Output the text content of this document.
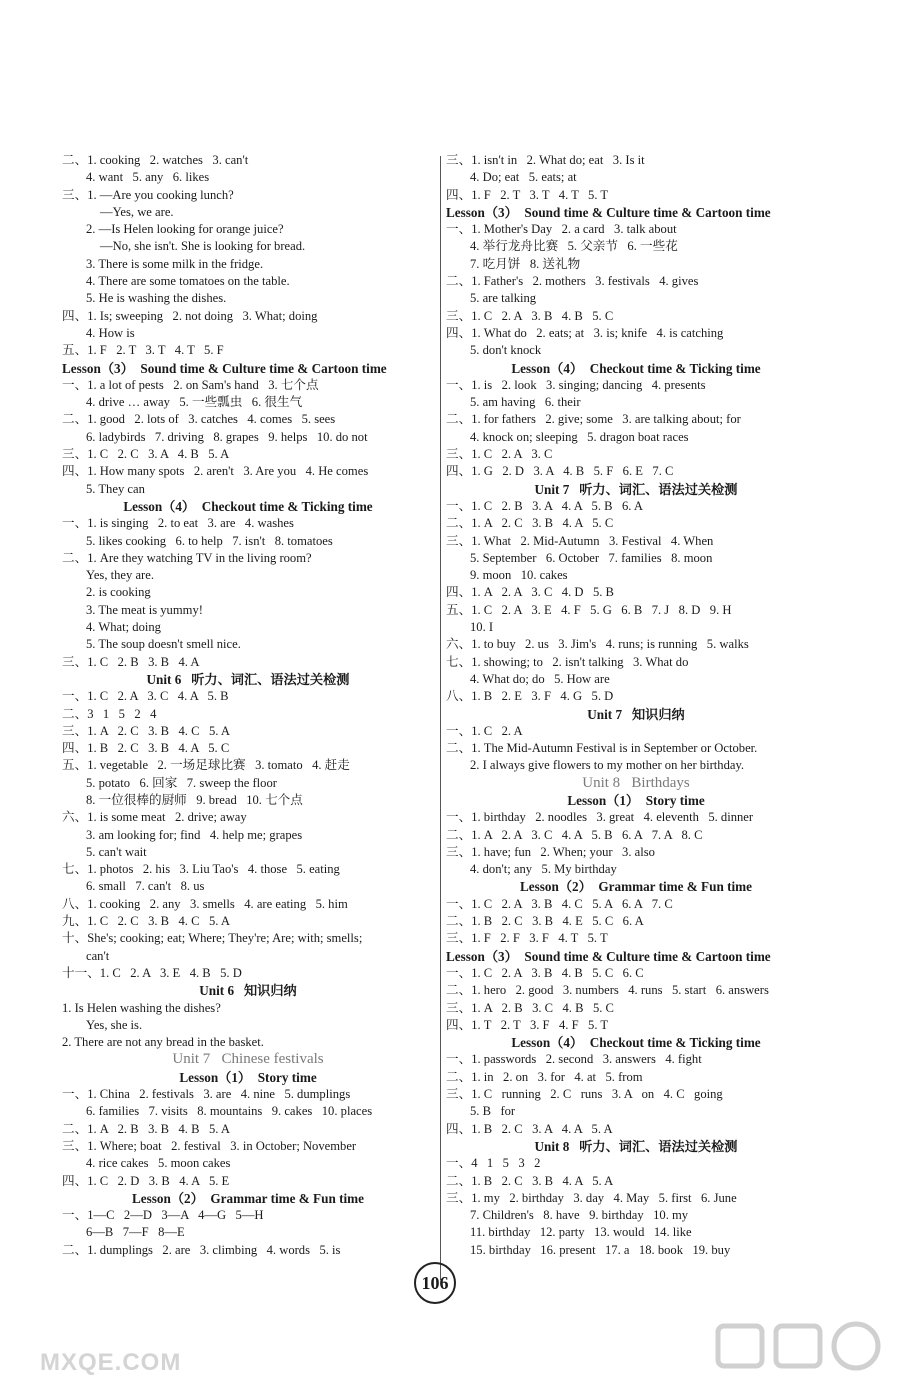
二、1. cooking   2. watches   3. can't
4. want   5. any   6. likes
三、1. —Are you cooking lunch?
—Yes, we are.
2. —Is Helen looking for orange juice?
—No, she isn't. She is looking for bread.
3. There is some milk in the fridge.
4. There are some tomatoes on the table.
5. He is washing the dishes.
四、1. Is; sweeping   2. not doing   3. What; doing
4. How is
五、1. F   2. T   3. T   4. T   5. F
Lesson（3）  Sound time & Culture time & Cartoon time
一、1. a lot of pests   2. on Sam's hand   3. 七个点
4. drive … away   5. 一些瓢虫   6. 很生气
二、1. good   2. lots of   3. catches   4. comes   5. sees
6. ladybirds   7. driving   8. grapes   9. helps   10. do not
三、1. C   2. C   3. A   4. B   5. A
四、1. How many spots   2. aren't   3. Are you   4. He comes
5. They can
Lesson（4）  Checkout time & Ticking time
一、1. is singing   2. to eat   3. are   4. washes
5. likes cooking   6. to help   7. isn't   8. tomatoes
二、1. Are they watching TV in the living room?
Yes, they are.
2. is cooking
3. The meat is yummy!
4. What; doing
5. The soup doesn't smell nice.
三、1. C   2. B   3. B   4. A
Unit 6   听力、词汇、语法过关检测
一、1. C   2. A   3. C   4. A   5. B
二、3   1   5   2   4
三、1. A   2. C   3. B   4. C   5. A
四、1. B   2. C   3. B   4. A   5. C
五、1. vegetable   2. 一场足球比赛   3. tomato   4. 赶走
5. potato   6. 回家   7. sweep the floor
8. 一位很棒的厨师   9. bread   10. 七个点
六、1. is some meat   2. drive; away
3. am looking for; find   4. help me; grapes
5. can't wait
七、1. photos   2. his   3. Liu Tao's   4. those   5. eating
6. small   7. can't   8. us
八、1. cooking   2. any   3. smells   4. are eating   5. him
九、1. C   2. C   3. B   4. C   5. A
十、She's; cooking; eat; Where; They're; Are; with; smells;
can't
十一、1. C   2. A   3. E   4. B   5. D
Unit 6   知识归纳
1. Is Helen washing the dishes?
Yes, she is.
2. There are not any bread in the basket.
Unit 7   Chinese festivals
Lesson（1）  Story time
一、1. China   2. festivals   3. are   4. nine   5. dumplings
6. families   7. visits   8. mountains   9. cakes   10. places
二、1. A   2. B   3. B   4. B   5. A
三、1. Where; boat   2. festival   3. in October; November
4. rice cakes   5. moon cakes
四、1. C   2. D   3. B   4. A   5. E
Lesson（2）  Grammar time & Fun time
一、1—C   2—D   3—A   4—G   5—H
6—B   7—F   8—E
二、1. dumplings   2. are   3. climbing   4. words   5. is
三、1. isn't in   2. What do; eat   3. Is it
4. Do; eat   5. eats; at
四、1. F   2. T   3. T   4. T   5. T
Lesson（3）  Sound time & Culture time & Cartoon time
一、1. Mother's Day   2. a card   3. talk about
4. 举行龙舟比赛   5. 父亲节   6. 一些花
7. 吃月饼   8. 送礼物
二、1. Father's   2. mothers   3. festivals   4. gives
5. are talking
三、1. C   2. A   3. B   4. B   5. C
四、1. What do   2. eats; at   3. is; knife   4. is catching
5. don't knock
Lesson（4）  Checkout time & Ticking time
一、1. is   2. look   3. singing; dancing   4. presents
5. am having   6. their
二、1. for fathers   2. give; some   3. are talking about; for
4. knock on; sleeping   5. dragon boat races
三、1. C   2. A   3. C
四、1. G   2. D   3. A   4. B   5. F   6. E   7. C
Unit 7   听力、词汇、语法过关检测
一、1. C   2. B   3. A   4. A   5. B   6. A
二、1. A   2. C   3. B   4. A   5. C
三、1. What   2. Mid-Autumn   3. Festival   4. When
5. September   6. October   7. families   8. moon
9. moon   10. cakes
四、1. A   2. A   3. C   4. D   5. B
五、1. C   2. A   3. E   4. F   5. G   6. B   7. J   8. D   9. H
10. I
六、1. to buy   2. us   3. Jim's   4. runs; is running   5. walks
七、1. showing; to   2. isn't talking   3. What do
4. What do; do   5. How are
八、1. B   2. E   3. F   4. G   5. D
Unit 7   知识归纳
一、1. C   2. A
二、1. The Mid-Autumn Festival is in September or October.
2. I always give flowers to my mother on her birthday.
Unit 8   Birthdays
Lesson（1）  Story time
一、1. birthday   2. noodles   3. great   4. eleventh   5. dinner
二、1. A   2. A   3. C   4. A   5. B   6. A   7. A   8. C
三、1. have; fun   2. When; your   3. also
4. don't; any   5. My birthday
Lesson（2）  Grammar time & Fun time
一、1. C   2. A   3. B   4. C   5. A   6. A   7. C
二、1. B   2. C   3. B   4. E   5. C   6. A
三、1. F   2. F   3. F   4. T   5. T
Lesson（3）  Sound time & Culture time & Cartoon time
一、1. C   2. A   3. B   4. B   5. C   6. C
二、1. hero   2. good   3. numbers   4. runs   5. start   6. answers
三、1. A   2. B   3. C   4. B   5. C
四、1. T   2. T   3. F   4. F   5. T
Lesson（4）  Checkout time & Ticking time
一、1. passwords   2. second   3. answers   4. fight
二、1. in   2. on   3. for   4. at   5. from
三、1. C   running   2. C   runs   3. A   on   4. C   going
5. B   for
四、1. B   2. C   3. A   4. A   5. A
Unit 8   听力、词汇、语法过关检测
一、4   1   5   3   2
二、1. B   2. C   3. B   4. A   5. A
三、1. my   2. birthday   3. day   4. May   5. first   6. June
7. Children's   8. have   9. birthday   10. my
11. birthday   12. party   13. would   14. like
15. birthday   16. present   17. a   18. book   19. buy
106
MXQE.COM
